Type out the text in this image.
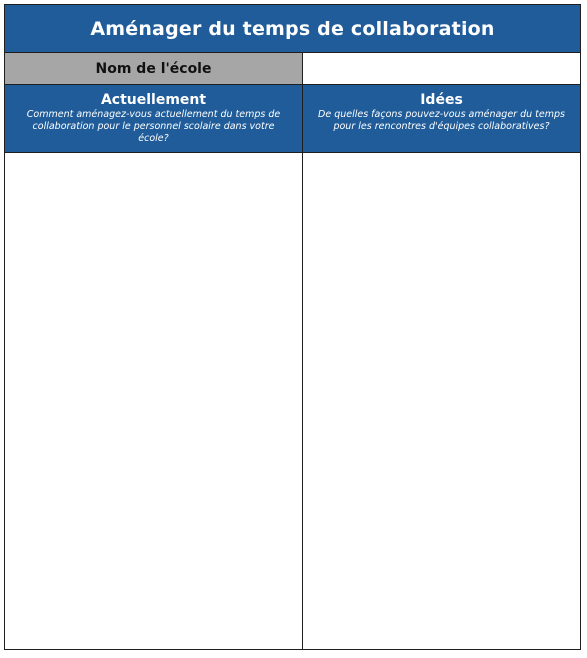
Aménager du temps de collaboration
Nom de l'école
Actuellement
Comment aménagez-vous actuellement du temps de collaboration pour le personnel scolaire dans votre école?
Idées
De quelles façons pouvez-vous aménager du temps pour les rencontres d'équipes collaboratives?
